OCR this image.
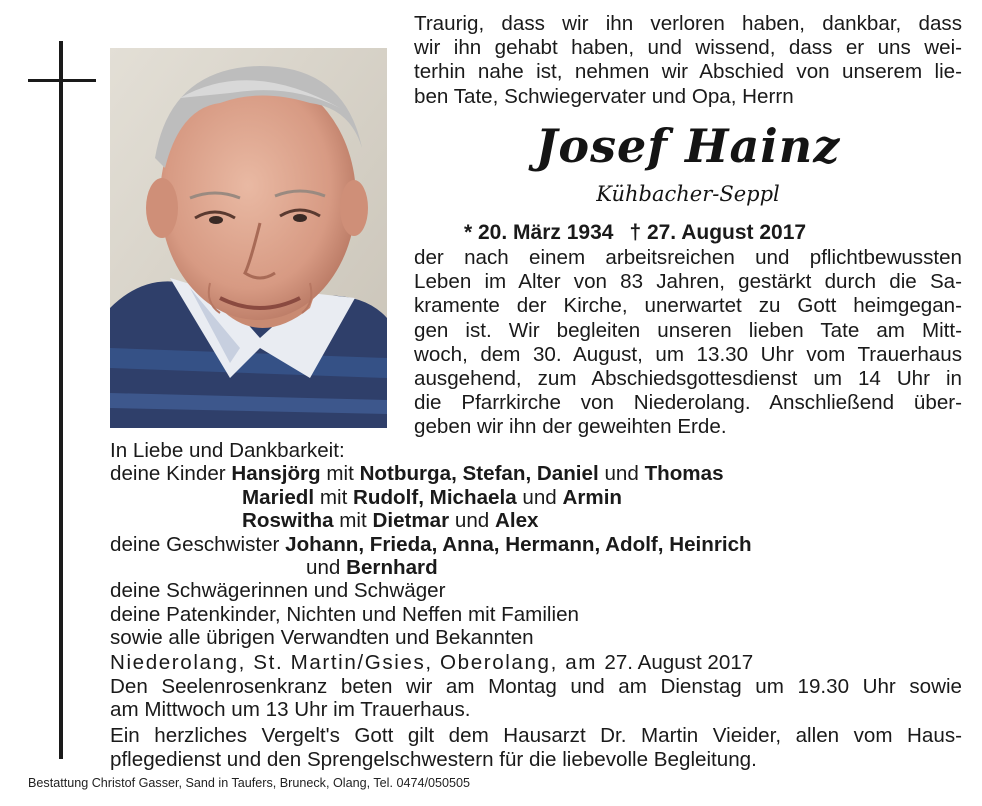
Traurig, dass wir ihn verloren haben, dankbar, dass
wir ihn gehabt haben, und wissend, dass er uns wei-
terhin nahe ist, nehmen wir Abschied von unserem lie-
ben Tate, Schwiegervater und Opa, Herrn
Josef Hainz
Kühbacher-Seppl
* 20. März 1934 † 27. August 2017
der nach einem arbeitsreichen und pflichtbewussten
Leben im Alter von 83 Jahren, gestärkt durch die Sa-
kramente der Kirche, unerwartet zu Gott heimgegan-
gen ist. Wir begleiten unseren lieben Tate am Mitt-
woch, dem 30. August, um 13.30 Uhr vom Trauerhaus
ausgehend, zum Abschiedsgottesdienst um 14 Uhr in
die Pfarrkirche von Niederolang. Anschließend über-
geben wir ihn der geweihten Erde.
In Liebe und Dankbarkeit:
deine Kinder Hansjörg mit Notburga, Stefan, Daniel und Thomas
Mariedl mit Rudolf, Michaela und Armin
Roswitha mit Dietmar und Alex
deine Geschwister Johann, Frieda, Anna, Hermann, Adolf, Heinrich
und Bernhard
deine Schwägerinnen und Schwäger
deine Patenkinder, Nichten und Neffen mit Familien
sowie alle übrigen Verwandten und Bekannten
Niederolang, St. Martin/Gsies, Oberolang, am 27. August 2017
Den Seelenrosenkranz beten wir am Montag und am Dienstag um 19.30 Uhr sowie
am Mittwoch um 13 Uhr im Trauerhaus.
Ein herzliches Vergelt's Gott gilt dem Hausarzt Dr. Martin Vieider, allen vom Haus-
pflegedienst und den Sprengelschwestern für die liebevolle Begleitung.
Bestattung Christof Gasser, Sand in Taufers, Bruneck, Olang, Tel. 0474/050505
